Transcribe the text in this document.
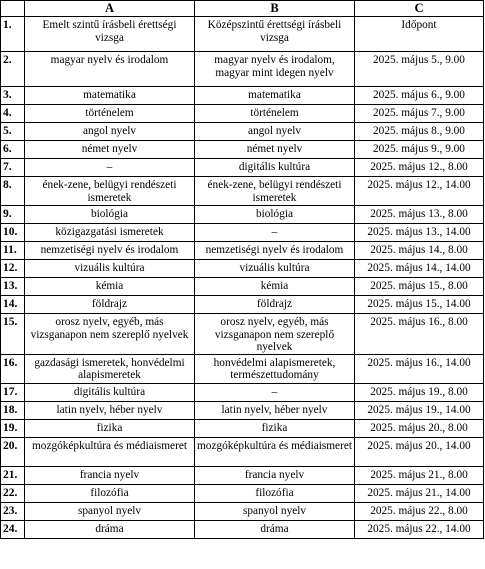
	A	B	C
1.	Emelt szintű írásbeli érettségi vizsga	Középszintű érettségi írásbeli vizsga	Időpont
2.	magyar nyelv és irodalom	magyar nyelv és irodalom, magyar mint idegen nyelv	2025. május 5., 9.00
3.	matematika	matematika	2025. május 6., 9.00
4.	történelem	történelem	2025. május 7., 9.00
5.	angol nyelv	angol nyelv	2025. május 8., 9.00
6.	német nyelv	német nyelv	2025. május 9., 9.00
7.	–	digitális kultúra	2025. május 12., 8.00
8.	ének-zene, belügyi rendészeti ismeretek	ének-zene, belügyi rendészeti ismeretek	2025. május 12., 14.00
9.	biológia	biológia	2025. május 13., 8.00
10.	közigazgatási ismeretek	–	2025. május 13., 14.00
11.	nemzetiségi nyelv és irodalom	nemzetiségi nyelv és irodalom	2025. május 14., 8.00
12.	vizuális kultúra	vizuális kultúra	2025. május 14., 14.00
13.	kémia	kémia	2025. május 15., 8.00
14.	földrajz	földrajz	2025. május 15., 14.00
15.	orosz nyelv, egyéb, más vizsganapon nem szereplő nyelvek	orosz nyelv, egyéb, más vizsganapon nem szereplő nyelvek	2025. május 16., 8.00
16.	gazdasági ismeretek, honvédelmi alapismeretek	honvédelmi alapismeretek, természettudomány	2025. május 16., 14.00
17.	digitális kultúra	–	2025. május 19., 8.00
18.	latin nyelv, héber nyelv	latin nyelv, héber nyelv	2025. május 19., 14.00
19.	fizika	fizika	2025. május 20., 8.00
20.	mozgóképkultúra és médiaismeret	mozgóképkultúra és médiaismeret	2025. május 20., 14.00
21.	francia nyelv	francia nyelv	2025. május 21., 8.00
22.	filozófia	filozófia	2025. május 21., 14.00
23.	spanyol nyelv	spanyol nyelv	2025. május 22., 8.00
24.	dráma	dráma	2025. május 22., 14.00
